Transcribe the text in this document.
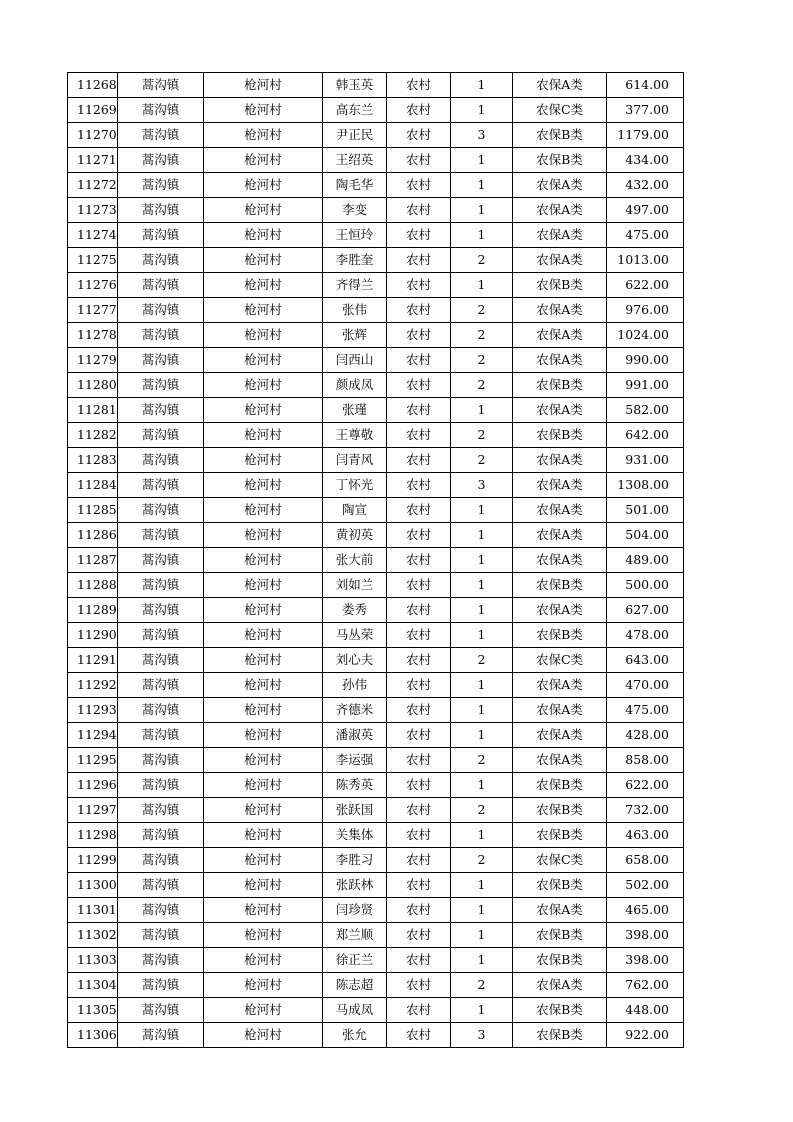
11268	蒿沟镇	枪河村	韩玉英	农村	1	农保A类	614.00
11269	蒿沟镇	枪河村	高东兰	农村	1	农保C类	377.00
11270	蒿沟镇	枪河村	尹正民	农村	3	农保B类	1179.00
11271	蒿沟镇	枪河村	王绍英	农村	1	农保B类	434.00
11272	蒿沟镇	枪河村	陶毛华	农村	1	农保A类	432.00
11273	蒿沟镇	枪河村	李变	农村	1	农保A类	497.00
11274	蒿沟镇	枪河村	王恒玲	农村	1	农保A类	475.00
11275	蒿沟镇	枪河村	李胜奎	农村	2	农保A类	1013.00
11276	蒿沟镇	枪河村	齐得兰	农村	1	农保B类	622.00
11277	蒿沟镇	枪河村	张伟	农村	2	农保A类	976.00
11278	蒿沟镇	枪河村	张辉	农村	2	农保A类	1024.00
11279	蒿沟镇	枪河村	闫西山	农村	2	农保A类	990.00
11280	蒿沟镇	枪河村	颜成凤	农村	2	农保B类	991.00
11281	蒿沟镇	枪河村	张瑾	农村	1	农保A类	582.00
11282	蒿沟镇	枪河村	王尊敬	农村	2	农保B类	642.00
11283	蒿沟镇	枪河村	闫青风	农村	2	农保A类	931.00
11284	蒿沟镇	枪河村	丁怀光	农村	3	农保A类	1308.00
11285	蒿沟镇	枪河村	陶宣	农村	1	农保A类	501.00
11286	蒿沟镇	枪河村	黄初英	农村	1	农保A类	504.00
11287	蒿沟镇	枪河村	张大前	农村	1	农保A类	489.00
11288	蒿沟镇	枪河村	刘如兰	农村	1	农保B类	500.00
11289	蒿沟镇	枪河村	娄秀	农村	1	农保A类	627.00
11290	蒿沟镇	枪河村	马丛荣	农村	1	农保B类	478.00
11291	蒿沟镇	枪河村	刘心夫	农村	2	农保C类	643.00
11292	蒿沟镇	枪河村	孙伟	农村	1	农保A类	470.00
11293	蒿沟镇	枪河村	齐德米	农村	1	农保A类	475.00
11294	蒿沟镇	枪河村	潘淑英	农村	1	农保A类	428.00
11295	蒿沟镇	枪河村	李运强	农村	2	农保A类	858.00
11296	蒿沟镇	枪河村	陈秀英	农村	1	农保B类	622.00
11297	蒿沟镇	枪河村	张跃国	农村	2	农保B类	732.00
11298	蒿沟镇	枪河村	关集体	农村	1	农保B类	463.00
11299	蒿沟镇	枪河村	李胜习	农村	2	农保C类	658.00
11300	蒿沟镇	枪河村	张跃林	农村	1	农保B类	502.00
11301	蒿沟镇	枪河村	闫珍贤	农村	1	农保A类	465.00
11302	蒿沟镇	枪河村	郑兰顺	农村	1	农保B类	398.00
11303	蒿沟镇	枪河村	徐正兰	农村	1	农保B类	398.00
11304	蒿沟镇	枪河村	陈志超	农村	2	农保A类	762.00
11305	蒿沟镇	枪河村	马成凤	农村	1	农保B类	448.00
11306	蒿沟镇	枪河村	张允	农村	3	农保B类	922.00
